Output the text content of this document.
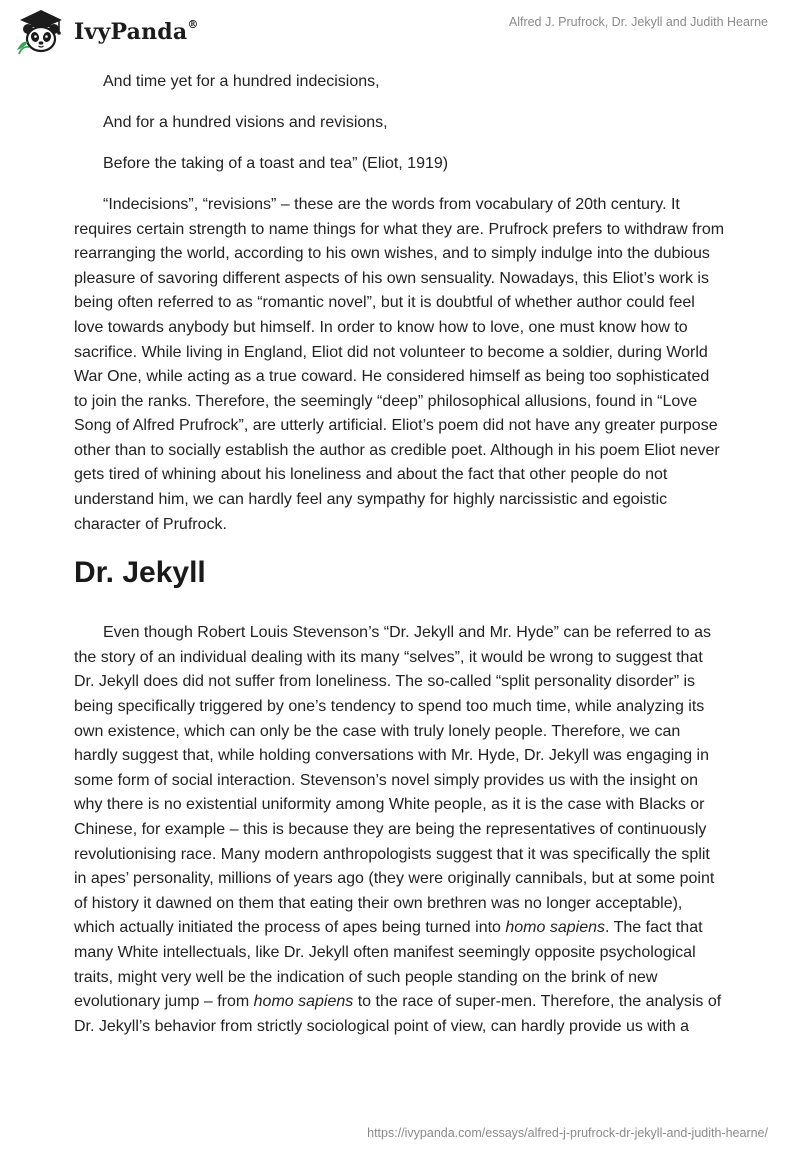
IvyPanda®	Alfred J. Prufrock, Dr. Jekyll and Judith Hearne
And time yet for a hundred indecisions,
And for a hundred visions and revisions,
Before the taking of a toast and tea” (Eliot, 1919)

“Indecisions”, “revisions” – these are the words from vocabulary of 20th century. It requires certain strength to name things for what they are. Prufrock prefers to withdraw from rearranging the world, according to his own wishes, and to simply indulge into the dubious pleasure of savoring different aspects of his own sensuality. Nowadays, this Eliot’s work is being often referred to as “romantic novel”, but it is doubtful of whether author could feel love towards anybody but himself. In order to know how to love, one must know how to sacrifice. While living in England, Eliot did not volunteer to become a soldier, during World War One, while acting as a true coward. He considered himself as being too sophisticated to join the ranks. Therefore, the seemingly “deep” philosophical allusions, found in “Love Song of Alfred Prufrock”, are utterly artificial. Eliot’s poem did not have any greater purpose other than to socially establish the author as credible poet. Although in his poem Eliot never gets tired of whining about his loneliness and about the fact that other people do not understand him, we can hardly feel any sympathy for highly narcissistic and egoistic character of Prufrock.

Dr. Jekyll

Even though Robert Louis Stevenson’s “Dr. Jekyll and Mr. Hyde” can be referred to as the story of an individual dealing with its many “selves”, it would be wrong to suggest that Dr. Jekyll does did not suffer from loneliness. The so-called “split personality disorder” is being specifically triggered by one’s tendency to spend too much time, while analyzing its own existence, which can only be the case with truly lonely people. Therefore, we can hardly suggest that, while holding conversations with Mr. Hyde, Dr. Jekyll was engaging in some form of social interaction. Stevenson’s novel simply provides us with the insight on why there is no existential uniformity among White people, as it is the case with Blacks or Chinese, for example – this is because they are being the representatives of continuously revolutionising race. Many modern anthropologists suggest that it was specifically the split in apes’ personality, millions of years ago (they were originally cannibals, but at some point of history it dawned on them that eating their own brethren was no longer acceptable), which actually initiated the process of apes being turned into homo sapiens. The fact that many White intellectuals, like Dr. Jekyll often manifest seemingly opposite psychological traits, might very well be the indication of such people standing on the brink of new evolutionary jump – from homo sapiens to the race of super-men. Therefore, the analysis of Dr. Jekyll’s behavior from strictly sociological point of view, can hardly provide us with a

https://ivypanda.com/essays/alfred-j-prufrock-dr-jekyll-and-judith-hearne/
